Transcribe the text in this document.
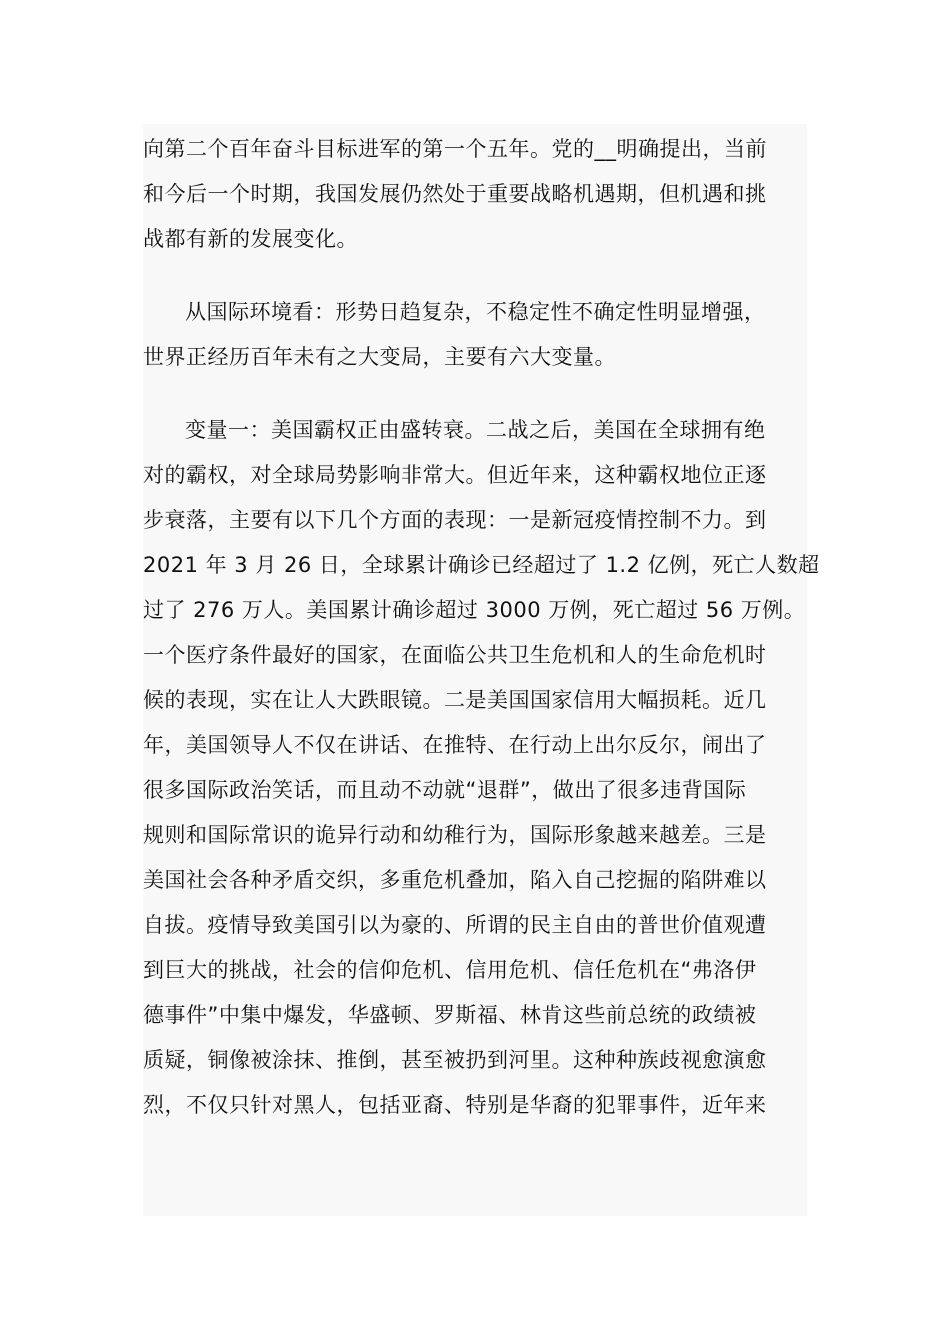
向第二个百年奋斗目标进军的第一个五年。党的__明确提出，当前
和今后一个时期，我国发展仍然处于重要战略机遇期，但机遇和挑
战都有新的发展变化。
从国际环境看：形势日趋复杂，不稳定性不确定性明显增强，
世界正经历百年未有之大变局，主要有六大变量。
变量一：美国霸权正由盛转衰。二战之后，美国在全球拥有绝
对的霸权，对全球局势影响非常大。但近年来，这种霸权地位正逐
步衰落，主要有以下几个方面的表现：一是新冠疫情控制不力。到
2021 年 3 月 26 日，全球累计确诊已经超过了 1.2 亿例，死亡人数超
过了 276 万人。美国累计确诊超过 3000 万例，死亡超过 56 万例。
一个医疗条件最好的国家，在面临公共卫生危机和人的生命危机时
候的表现，实在让人大跌眼镜。二是美国国家信用大幅损耗。近几
年，美国领导人不仅在讲话、在推特、在行动上出尔反尔，闹出了
很多国际政治笑话，而且动不动就“退群”，做出了很多违背国际
规则和国际常识的诡异行动和幼稚行为，国际形象越来越差。三是
美国社会各种矛盾交织，多重危机叠加，陷入自己挖掘的陷阱难以
自拔。疫情导致美国引以为豪的、所谓的民主自由的普世价值观遭
到巨大的挑战，社会的信仰危机、信用危机、信任危机在“弗洛伊
德事件”中集中爆发，华盛顿、罗斯福、林肯这些前总统的政绩被
质疑，铜像被涂抹、推倒，甚至被扔到河里。这种种族歧视愈演愈
烈，不仅只针对黑人，包括亚裔、特别是华裔的犯罪事件，近年来
